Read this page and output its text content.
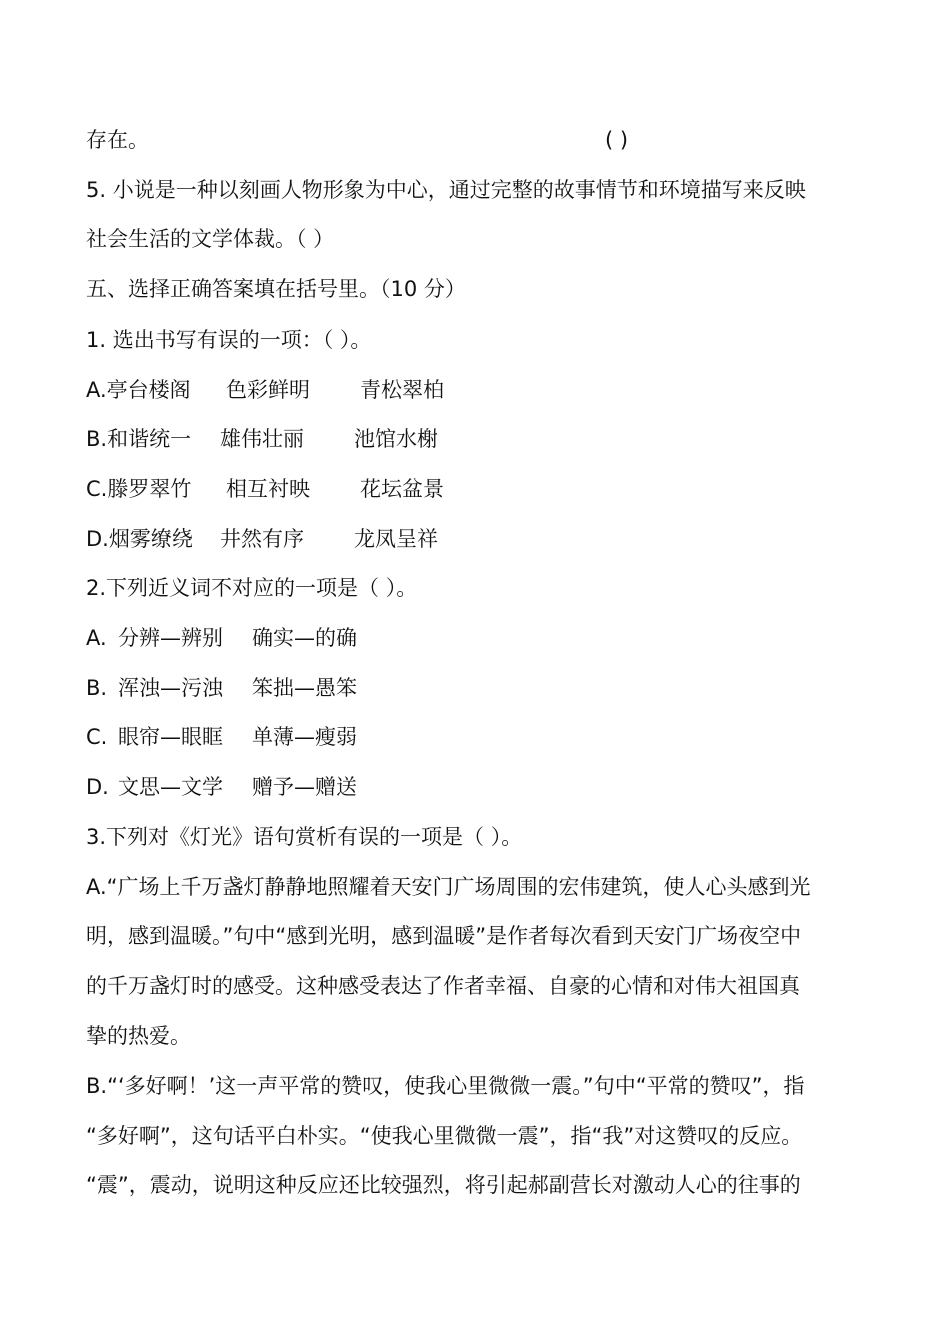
存在。	( )
5. 小说是一种以刻画人物形象为中心，通过完整的故事情节和环境描写来反映
社会生活的文学体裁。（ ）
五、选择正确答案填在括号里。（10 分）
1. 选出书写有误的一项：（ ）。
A.亭台楼阁 色彩鲜明 青松翠柏
B.和谐统一 雄伟壮丽 池馆水榭
C.滕罗翠竹 相互衬映 花坛盆景
D.烟雾缭绕 井然有序 龙凤呈祥
2.下列近义词不对应的一项是（ ）。
A. 分辨—辨别 确实—的确
B. 浑浊—污浊 笨拙—愚笨
C. 眼帘—眼眶 单薄—瘦弱
D. 文思—文学 赠予—赠送
3.下列对《灯光》语句赏析有误的一项是（ ）。
A.“广场上千万盏灯静静地照耀着天安门广场周围的宏伟建筑，使人心头感到光
明，感到温暖。”句中“感到光明，感到温暖”是作者每次看到天安门广场夜空中
的千万盏灯时的感受。这种感受表达了作者幸福、自豪的心情和对伟大祖国真
挚的热爱。
B.“‘多好啊！’这一声平常的赞叹，使我心里微微一震。”句中“平常的赞叹”，指
“多好啊”，这句话平白朴实。“使我心里微微一震”，指“我”对这赞叹的反应。
“震”，震动，说明这种反应还比较强烈，将引起郝副营长对激动人心的往事的
